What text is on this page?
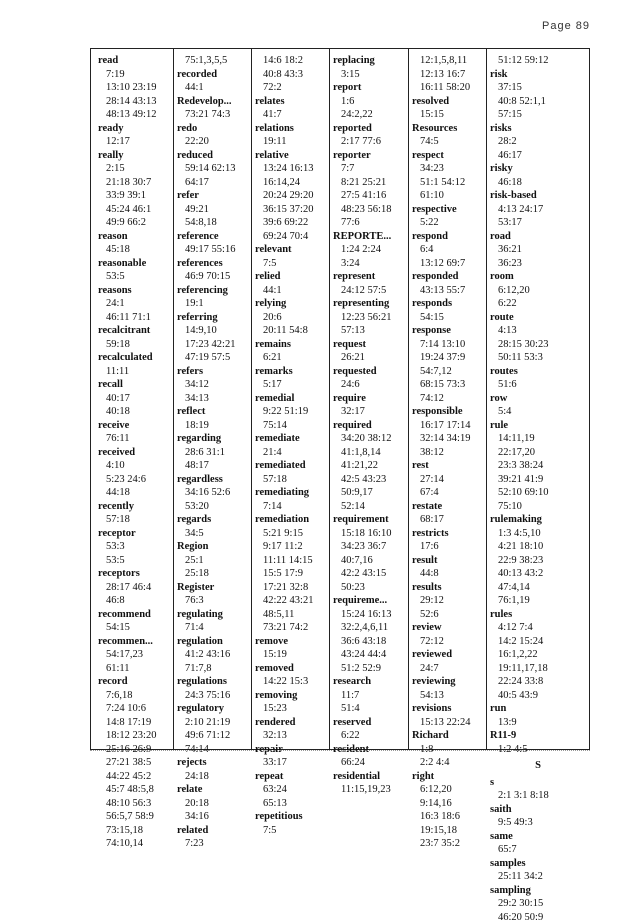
Page 89
read
7:19
13:10 23:19
28:14 43:13
48:13 49:12
ready
12:17
really
2:15
21:18 30:7
33:9 39:1
45:24 46:1
49:9 66:2
reason
45:18
reasonable
53:5
reasons
24:1
46:11 71:1
recalcitrant
59:18
recalculated
11:11
recall
40:17
40:18
receive
76:11
received
4:10
5:23 24:6
44:18
recently
57:18
receptor
53:3
53:5
receptors
28:17 46:4
46:8
recommend
54:15
recommen...
54:17,23
61:11
record
7:6,18
7:24 10:6
14:8 17:19
18:12 23:20
25:16 26:9
27:21 38:5
44:22 45:2
45:7 48:5,8
48:10 56:3
56:5,7 58:9
73:15,18
74:10,14
75:1,3,5,5
recorded
44:1
Redevelop...
73:21 74:3
redo
22:20
reduced
59:14 62:13
64:17
refer
49:21
54:8,18
reference
49:17 55:16
references
46:9 70:15
referencing
19:1
referring
14:9,10
17:23 42:21
47:19 57:5
refers
34:12
34:13
reflect
18:19
regarding
28:6 31:1
48:17
regardless
34:16 52:6
53:20
regards
34:5
Region
25:1
25:18
Register
76:3
regulating
71:4
regulation
41:2 43:16
71:7,8
regulations
24:3 75:16
regulatory
2:10 21:19
49:6 71:12
74:14
rejects
24:18
relate
20:18
34:16
related
7:23
14:6 18:2
40:8 43:3
72:2
relates
41:7
relations
19:11
relative
13:24 16:13
16:14,24
20:24 29:20
36:15 37:20
39:6 69:22
69:24 70:4
relevant
7:5
relied
44:1
relying
20:6
20:11 54:8
remains
6:21
remarks
5:17
remedial
9:22 51:19
75:14
remediate
21:4
remediated
57:18
remediating
7:14
remediation
5:21 9:15
9:17 11:2
11:11 14:15
15:5 17:9
17:21 32:8
42:22 43:21
48:5,11
73:21 74:2
remove
15:19
removed
14:22 15:3
removing
15:23
rendered
32:13
repair
33:17
repeat
63:24
65:13
repetitious
7:5
replacing
3:15
report
1:6
24:2,22
reported
2:17 77:6
reporter
7:7
8:21 25:21
27:5 41:16
48:23 56:18
77:6
REPORTE...
1:24 2:24
3:24
represent
24:12 57:5
representing
12:23 56:21
57:13
request
26:21
requested
24:6
require
32:17
required
34:20 38:12
41:1,8,14
41:21,22
42:5 43:23
50:9,17
52:14
requirement
15:18 16:10
34:23 36:7
40:7,16
42:2 43:15
50:23
requireme...
15:24 16:13
32:2,4,6,11
36:6 43:18
43:24 44:4
51:2 52:9
research
11:7
51:4
reserved
6:22
resident
66:24
residential
11:15,19,23
12:1,5,8,11
12:13 16:7
16:11 58:20
resolved
15:15
Resources
74:5
respect
34:23
51:1 54:12
61:10
respective
5:22
respond
6:4
13:12 69:7
responded
43:13 55:7
responds
54:15
response
7:14 13:10
19:24 37:9
54:7,12
68:15 73:3
74:12
responsible
16:17 17:14
32:14 34:19
38:12
rest
27:14
67:4
restate
68:17
restricts
17:6
result
44:8
results
29:12
52:6
review
72:12
reviewed
24:7
reviewing
54:13
revisions
15:13 22:24
Richard
1:8
2:2 4:4
right
6:12,20
9:14,16
16:3 18:6
19:15,18
23:7 35:2
51:12 59:12
risk
37:15
40:8 52:1,1
57:15
risks
28:2
46:17
risky
46:18
risk-based
4:13 24:17
53:17
road
36:21
36:23
room
6:12,20
6:22
route
4:13
28:15 30:23
50:11 53:3
routes
51:6
row
5:4
rule
14:11,19
22:17,20
23:3 38:24
39:21 41:9
52:10 69:10
75:10
rulemaking
1:3 4:5,10
4:21 18:10
22:9 38:23
40:13 43:2
47:4,14
76:1,19
rules
4:12 7:4
14:2 15:24
16:1,2,22
19:11,17,18
22:24 33:8
40:5 43:9
run
13:9
R11-9
1:2 4:5
S
s
2:1 3:1 8:18
saith
9:5 49:3
same
65:7
samples
25:11 34:2
sampling
29:2 30:15
46:20 50:9
